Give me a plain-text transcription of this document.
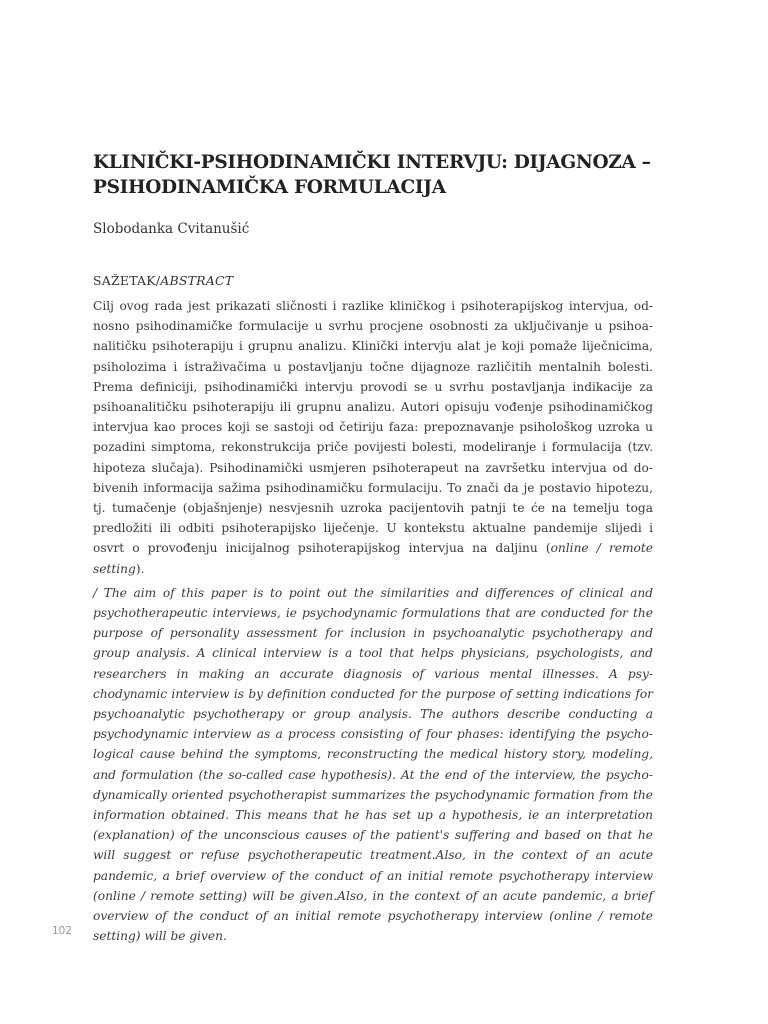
KLINIČKI-PSIHODINAMIČKI INTERVJU: DIJAGNOZA –
PSIHODINAMIČKA FORMULACIJA
Slobodanka Cvitanušić
SAŽETAK/ABSTRACT

Cilj ovog rada jest prikazati sličnosti i razlike kliničkog i psihoterapijskog intervjua, odnosno psihodinamičke formulacije u svrhu procjene osobnosti za uključivanje u psihoanalitičku psihoterapiju i grupnu analizu. Klinički intervju alat je koji pomaže liječnicima, psiholozima i istraživačima u postavljanju točne dijagnoze različitih mentalnih bolesti. Prema definiciji, psihodinamički intervju provodi se u svrhu postavljanja indikacije za psihoanalitičku psihoterapiju ili grupnu analizu. Autori opisuju vođenje psihodinamičkog intervjua kao proces koji se sastoji od četiriju faza: prepoznavanje psihološkog uzroka u pozadini simptoma, rekonstrukcija priče povijesti bolesti, modeliranje i formulacija (tzv. hipoteza slučaja). Psihodinamički usmjeren psihoterapeut na završetku intervjua od dobivenih informacija sažima psihodinamičku formulaciju. To znači da je postavio hipotezu, tj. tumačenje (objašnjenje) nesvjesnih uzroka pacijentovih patnji te će na temelju toga predložiti ili odbiti psihoterapijsko liječenje. U kontekstu aktualne pandemije slijedi i osvrt o provođenju inicijalnog psihoterapijskog intervjua na daljinu (online / remote setting).

/ The aim of this paper is to point out the similarities and differences of clinical and psychotherapeutic interviews, ie psychodynamic formulations that are conducted for the purpose of personality assessment for inclusion in psychoanalytic psychotherapy and group analysis. A clinical interview is a tool that helps physicians, psychologists, and researchers in making an accurate diagnosis of various mental illnesses. A psychodynamic interview is by definition conducted for the purpose of setting indications for psychoanalytic psychotherapy or group analysis. The authors describe conducting a psychodynamic interview as a process consisting of four phases: identifying the psychological cause behind the symptoms, reconstructing the medical history story, modeling, and formulation (the so-called case hypothesis). At the end of the interview, the psychodynamically oriented psychotherapist summarizes the psychodynamic formation from the information obtained. This means that he has set up a hypothesis, ie an interpretation (explanation) of the unconscious causes of the patient's suffering and based on that he will suggest or refuse psychotherapeutic treatment.Also, in the context of an acute pandemic, a brief overview of the conduct of an initial remote psychotherapy interview (online / remote setting) will be given.Also, in the context of an acute pandemic, a brief overview of the conduct of an initial remote psychotherapy interview (online / remote setting) will be given.

102
